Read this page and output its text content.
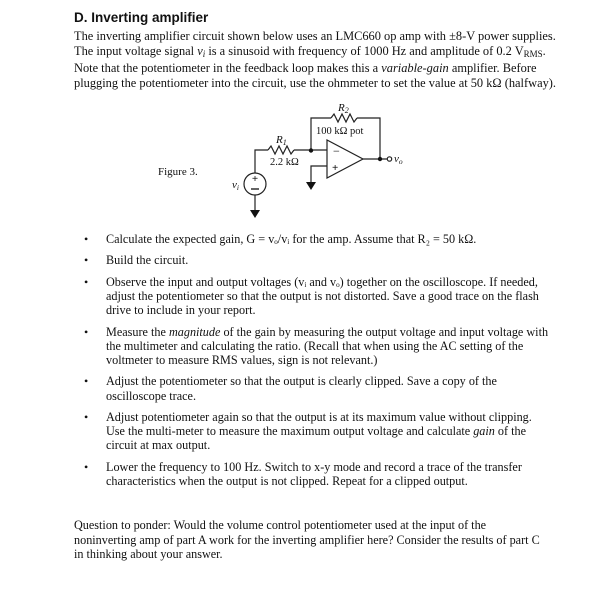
D. Inverting amplifier
The inverting amplifier circuit shown below uses an LMC660 op amp with ±8-V power supplies.
The input voltage signal $v_i$ is a sinusoid with frequency of 1000 Hz and amplitude of 0.2 $V_{RMS}$.
Note that the potentiometer in the feedback loop makes this a variable-gain amplifier. Before
plugging the potentiometer into the circuit, use the ohmmeter to set the value at 50 kΩ (halfway).
Figure 3.
+
−
+
R2
100 kΩ pot
R1
2.2 kΩ
vi
vo
• Calculate the expected gain, G = vₒ/vᵢ for the amp. Assume that R₂ = 50 kΩ.
• Build the circuit.
• Observe the input and output voltages (vᵢ and vₒ) together on the oscilloscope. If needed,
adjust the potentiometer so that the output is not distorted. Save a good trace on the flash
drive to include in your report.
• Measure the magnitude of the gain by measuring the output voltage and input voltage with
the multimeter and calculating the ratio. (Recall that when using the AC setting of the
voltmeter to measure RMS values, sign is not relevant.)
• Adjust the potentiometer so that the output is clearly clipped. Save a copy of the
oscilloscope trace.
• Adjust potentiometer again so that the output is at its maximum value without clipping.
Use the multi-meter to measure the maximum output voltage and calculate gain of the
circuit at max output.
• Lower the frequency to 100 Hz. Switch to x-y mode and record a trace of the transfer
characteristics when the output is not clipped. Repeat for a clipped output.
Question to ponder: Would the volume control potentiometer used at the input of the
noninverting amp of part A work for the inverting amplifier here? Consider the results of part C
in thinking about your answer.
